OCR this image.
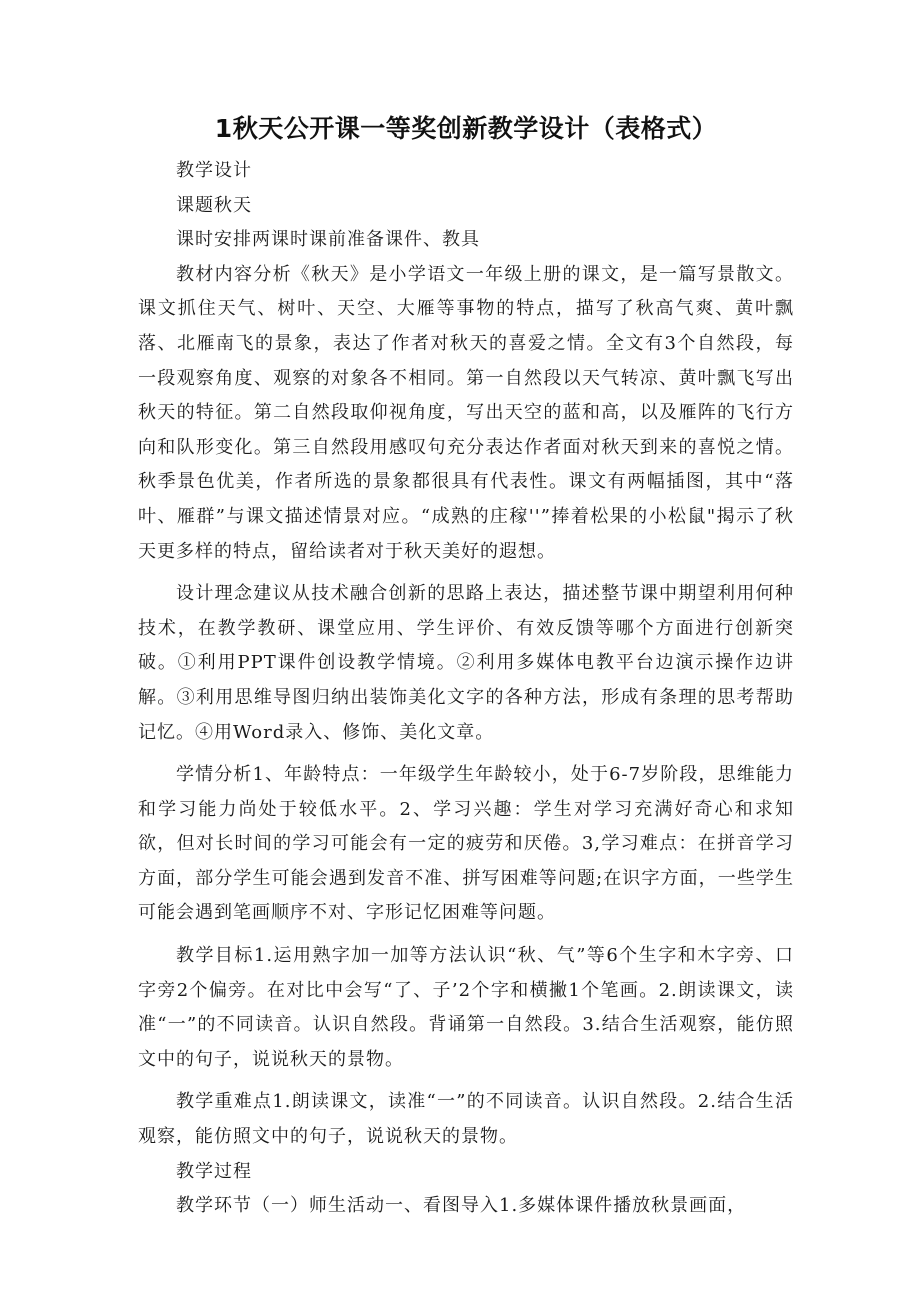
1秋天公开课一等奖创新教学设计（表格式）

教学设计

课题秋天

课时安排两课时课前准备课件、教具

教材内容分析《秋天》是小学语文一年级上册的课文，是一篇写景散文。课文抓住天气、树叶、天空、大雁等事物的特点，描写了秋高气爽、黄叶飘落、北雁南飞的景象，表达了作者对秋天的喜爱之情。全文有3个自然段，每一段观察角度、观察的对象各不相同。第一自然段以天气转凉、黄叶飘飞写出秋天的特征。第二自然段取仰视角度，写出天空的蓝和高，以及雁阵的飞行方向和队形变化。第三自然段用感叹句充分表达作者面对秋天到来的喜悦之情。秋季景色优美，作者所选的景象都很具有代表性。课文有两幅插图，其中“落叶、雁群”与课文描述情景对应。“成熟的庄稼''”捧着松果的小松鼠"揭示了秋天更多样的特点，留给读者对于秋天美好的遐想。

设计理念建议从技术融合创新的思路上表达，描述整节课中期望利用何种技术，在教学教研、课堂应用、学生评价、有效反馈等哪个方面进行创新突破。①利用PPT课件创设教学情境。②利用多媒体电教平台边演示操作边讲解。③利用思维导图归纳出装饰美化文字的各种方法，形成有条理的思考帮助记忆。④用Word录入、修饰、美化文章。

学情分析1、年龄特点：一年级学生年龄较小，处于6-7岁阶段，思维能力和学习能力尚处于较低水平。2、学习兴趣：学生对学习充满好奇心和求知欲，但对长时间的学习可能会有一定的疲劳和厌倦。3,学习难点：在拼音学习方面，部分学生可能会遇到发音不准、拼写困难等问题;在识字方面，一些学生可能会遇到笔画顺序不对、字形记忆困难等问题。

教学目标1.运用熟字加一加等方法认识“秋、气”等6个生字和木字旁、口字旁2个偏旁。在对比中会写“了、子’2个字和横撇1个笔画。2.朗读课文，读准“一”的不同读音。认识自然段。背诵第一自然段。3.结合生活观察，能仿照文中的句子，说说秋天的景物。

教学重难点1.朗读课文，读准“一”的不同读音。认识自然段。2.结合生活观察，能仿照文中的句子，说说秋天的景物。

教学过程

教学环节（一）师生活动一、看图导入1.多媒体课件播放秋景画面，
